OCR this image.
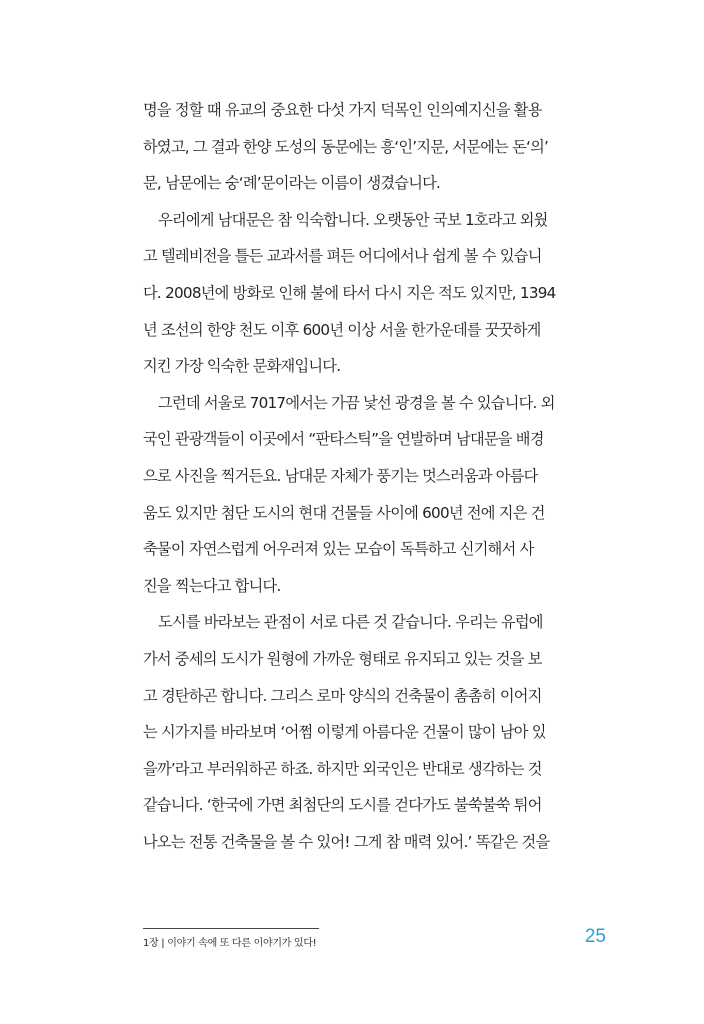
명을 정할 때 유교의 중요한 다섯 가지 덕목인 인의예지신을 활용
하였고, 그 결과 한양 도성의 동문에는 흥‘인’지문, 서문에는 돈‘의’
문, 남문에는 숭‘례’문이라는 이름이 생겼습니다.
우리에게 남대문은 참 익숙합니다. 오랫동안 국보 1호라고 외웠
고 텔레비전을 틀든 교과서를 펴든 어디에서나 쉽게 볼 수 있습니
다. 2008년에 방화로 인해 불에 타서 다시 지은 적도 있지만, 1394
년 조선의 한양 천도 이후 600년 이상 서울 한가운데를 꿋꿋하게
지킨 가장 익숙한 문화재입니다.
그런데 서울로 7017에서는 가끔 낯선 광경을 볼 수 있습니다. 외
국인 관광객들이 이곳에서 “판타스틱”을 연발하며 남대문을 배경
으로 사진을 찍거든요. 남대문 자체가 풍기는 멋스러움과 아름다
움도 있지만 첨단 도시의 현대 건물들 사이에 600년 전에 지은 건
축물이 자연스럽게 어우러져 있는 모습이 독특하고 신기해서 사
진을 찍는다고 합니다.
도시를 바라보는 관점이 서로 다른 것 같습니다. 우리는 유럽에
가서 중세의 도시가 원형에 가까운 형태로 유지되고 있는 것을 보
고 경탄하곤 합니다. 그리스 로마 양식의 건축물이 촘촘히 이어지
는 시가지를 바라보며 ‘어쩜 이렇게 아름다운 건물이 많이 남아 있
을까’라고 부러워하곤 하죠. 하지만 외국인은 반대로 생각하는 것
같습니다. ‘한국에 가면 최첨단의 도시를 걷다가도 불쑥불쑥 튀어
나오는 전통 건축물을 볼 수 있어! 그게 참 매력 있어.’ 똑같은 것을
1장 | 이야기 속에 또 다른 이야기가 있다!	25
